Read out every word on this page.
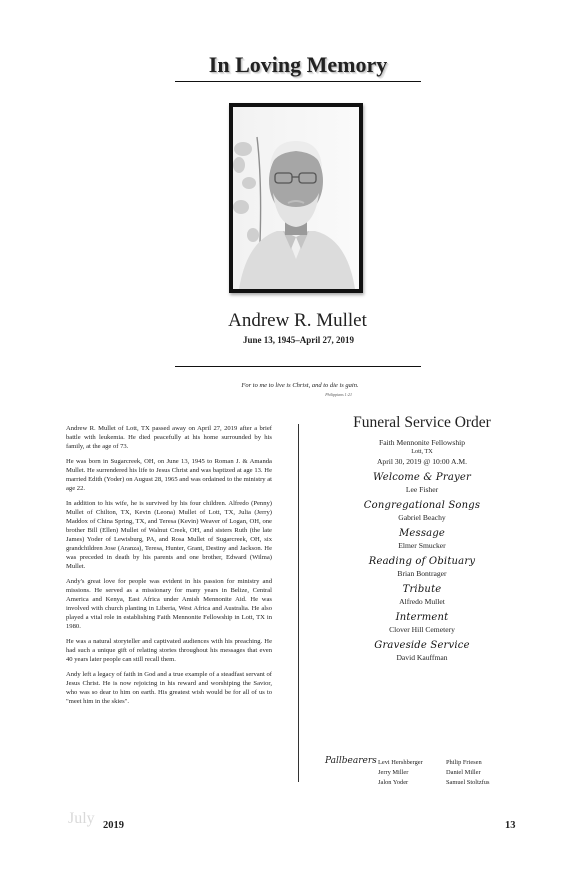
In Loving Memory
Andrew R. Mullet
June 13, 1945–April 27, 2019
For to me to live is Christ, and to die is gain.
Philippians 1:21

Andrew R. Mullet of Lott, TX passed away on April 27, 2019 after a brief battle with leukemia. He died peacefully at his home surrounded by his family, at the age of 73.

He was born in Sugarcreek, OH, on June 13, 1945 to Roman J. & Amanda Mullet. He surrendered his life to Jesus Christ and was baptized at age 13. He married Edith (Yoder) on August 28, 1965 and was ordained to the ministry at age 22.

In addition to his wife, he is survived by his four children. Alfredo (Penny) Mullet of Chilton, TX, Kevin (Leona) Mullet of Lott, TX, Julia (Jerry) Maddox of China Spring, TX, and Teresa (Kevin) Weaver of Logan, OH, one brother Bill (Ellen) Mullet of Walnut Creek, OH, and sisters Ruth (the late James) Yoder of Lewisburg, PA, and Rosa Mullet of Sugarcreek, OH, six grandchildren Jose (Aranza), Teresa, Hunter, Grant, Destiny and Jackson. He was preceded in death by his parents and one brother, Edward (Wilma) Mullet.

Andy's great love for people was evident in his passion for ministry and missions. He served as a missionary for many years in Belize, Central America and Kenya, East Africa under Amish Mennonite Aid. He was involved with church planting in Liberia, West Africa and Australia. He also played a vital role in establishing Faith Mennonite Fellowship in Lott, TX in 1980.

He was a natural storyteller and captivated audiences with his preaching. He had such a unique gift of relating stories throughout his messages that even 40 years later people can still recall them.

Andy left a legacy of faith in God and a true example of a steadfast servant of Jesus Christ. He is now rejoicing in his reward and worshiping the Savior, who was so dear to him on earth. His greatest wish would be for all of us to "meet him in the skies".

Funeral Service Order
Faith Mennonite Fellowship
Lott, TX
April 30, 2019 @ 10:00 A.M.
Welcome & Prayer
Lee Fisher
Congregational Songs
Gabriel Beachy
Message
Elmer Smucker
Reading of Obituary
Brian Bontrager
Tribute
Alfredo Mullet
Interment
Clover Hill Cemetery
Graveside Service
David Kauffman
Pallbearers Levi Hershberger
Jerry Miller
Jalon Yoder
Philip Friesen
Daniel Miller
Samuel Stoltzfus
July 2019	13
